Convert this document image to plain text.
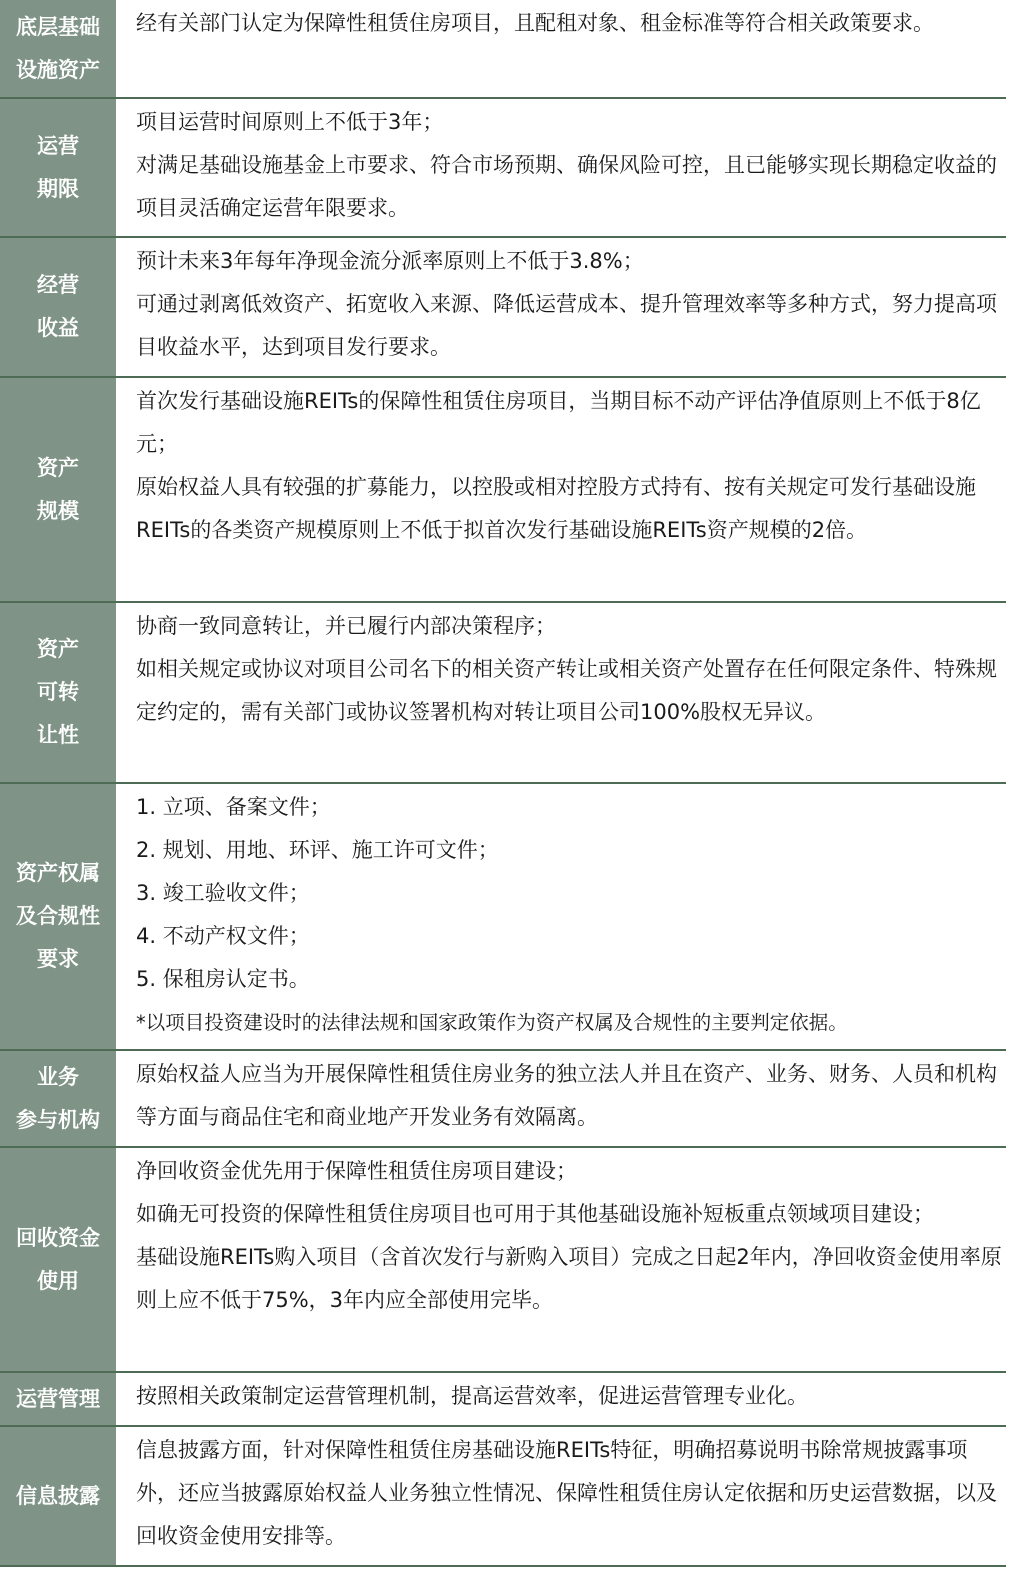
底层基础
设施资产
经有关部门认定为保障性租赁住房项目，且配租对象、租金标准等符合相关政策要求。
运营
期限
项目运营时间原则上不低于3年；
对满足基础设施基金上市要求、符合市场预期、确保风险可控，且已能够实现长期稳定收益的项目灵活确定运营年限要求。
经营
收益
预计未来3年每年净现金流分派率原则上不低于3.8%；
可通过剥离低效资产、拓宽收入来源、降低运营成本、提升管理效率等多种方式，努力提高项目收益水平，达到项目发行要求。
资产
规模
首次发行基础设施REITs的保障性租赁住房项目，当期目标不动产评估净值原则上不低于8亿元；
原始权益人具有较强的扩募能力，以控股或相对控股方式持有、按有关规定可发行基础设施REITs的各类资产规模原则上不低于拟首次发行基础设施REITs资产规模的2倍。
资产
可转
让性
协商一致同意转让，并已履行内部决策程序；
如相关规定或协议对项目公司名下的相关资产转让或相关资产处置存在任何限定条件、特殊规定约定的，需有关部门或协议签署机构对转让项目公司100%股权无异议。
资产权属
及合规性
要求
1. 立项、备案文件；
2. 规划、用地、环评、施工许可文件；
3. 竣工验收文件；
4. 不动产权文件；
5. 保租房认定书。
*以项目投资建设时的法律法规和国家政策作为资产权属及合规性的主要判定依据。
业务
参与机构
原始权益人应当为开展保障性租赁住房业务的独立法人并且在资产、业务、财务、人员和机构等方面与商品住宅和商业地产开发业务有效隔离。
回收资金
使用
净回收资金优先用于保障性租赁住房项目建设；
如确无可投资的保障性租赁住房项目也可用于其他基础设施补短板重点领域项目建设；
基础设施REITs购入项目（含首次发行与新购入项目）完成之日起2年内，净回收资金使用率原则上应不低于75%，3年内应全部使用完毕。
运营管理 按照相关政策制定运营管理机制，提高运营效率，促进运营管理专业化。
信息披露
信息披露方面，针对保障性租赁住房基础设施REITs特征，明确招募说明书除常规披露事项外，还应当披露原始权益人业务独立性情况、保障性租赁住房认定依据和历史运营数据，以及回收资金使用安排等。
